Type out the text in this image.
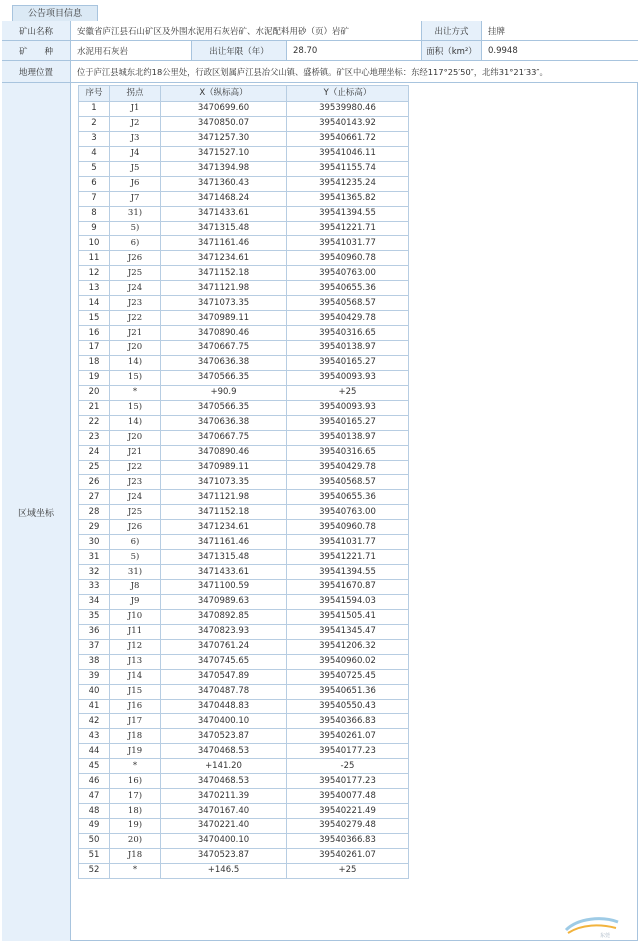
公告项目信息
矿山名称	安徽省庐江县石山矿区及外围水泥用石灰岩矿、水泥配料用砂（页）岩矿	出让方式	挂牌
矿　　种	水泥用石灰岩	出让年限（年）	28.70	面积（km²）	0.9948
地理位置	位于庐江县城东北约18公里处，行政区划属庐江县冶父山镇、盛桥镇。矿区中心地理坐标：东经117°25′50″，北纬31°21′33″。
区域坐标
序号	拐点	X（纵标高）	Y（止标高）
1	J1	3470699.60	39539980.46
2	J2	3470850.07	39540143.92
3	J3	3471257.30	39540661.72
4	J4	3471527.10	39541046.11
5	J5	3471394.98	39541155.74
6	J6	3471360.43	39541235.24
7	J7	3471468.24	39541365.82
8	31)	3471433.61	39541394.55
9	5)	3471315.48	39541221.71
10	6)	3471161.46	39541031.77
11	J26	3471234.61	39540960.78
12	J25	3471152.18	39540763.00
13	J24	3471121.98	39540655.36
14	J23	3471073.35	39540568.57
15	J22	3470989.11	39540429.78
16	J21	3470890.46	39540316.65
17	J20	3470667.75	39540138.97
18	14)	3470636.38	39540165.27
19	15)	3470566.35	39540093.93
20	*	+90.9	+25
21	15)	3470566.35	39540093.93
22	14)	3470636.38	39540165.27
23	J20	3470667.75	39540138.97
24	J21	3470890.46	39540316.65
25	J22	3470989.11	39540429.78
26	J23	3471073.35	39540568.57
27	J24	3471121.98	39540655.36
28	J25	3471152.18	39540763.00
29	J26	3471234.61	39540960.78
30	6)	3471161.46	39541031.77
31	5)	3471315.48	39541221.71
32	31)	3471433.61	39541394.55
33	J8	3471100.59	39541670.87
34	J9	3470989.63	39541594.03
35	J10	3470892.85	39541505.41
36	J11	3470823.93	39541345.47
37	J12	3470761.24	39541206.32
38	J13	3470745.65	39540960.02
39	J14	3470547.89	39540725.45
40	J15	3470487.78	39540651.36
41	J16	3470448.83	39540550.43
42	J17	3470400.10	39540366.83
43	J18	3470523.87	39540261.07
44	J19	3470468.53	39540177.23
45	*	+141.20	-25
46	16)	3470468.53	39540177.23
47	17)	3470211.39	39540077.48
48	18)	3470167.40	39540221.49
49	19)	3470221.40	39540279.48
50	20)	3470400.10	39540366.83
51	J18	3470523.87	39540261.07
52	*	+146.5	+25
东莞
